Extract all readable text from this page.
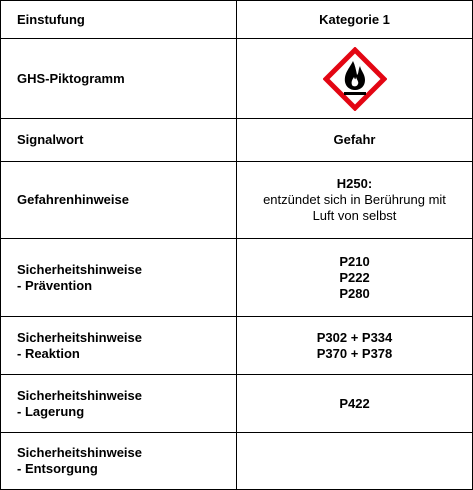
Einstufung	Kategorie 1
GHS-Piktogramm	
Signalwort	Gefahr
Gefahrenhinweise	H250:
entzündet sich in Berührung mit
Luft von selbst

Sicherheitshinweise
- Prävention	P210
P222
P280

Sicherheitshinweise
- Reaktion	P302 + P334
P370 + P378

Sicherheitshinweise
- Lagerung	P422

Sicherheitshinweise
- Entsorgung	
